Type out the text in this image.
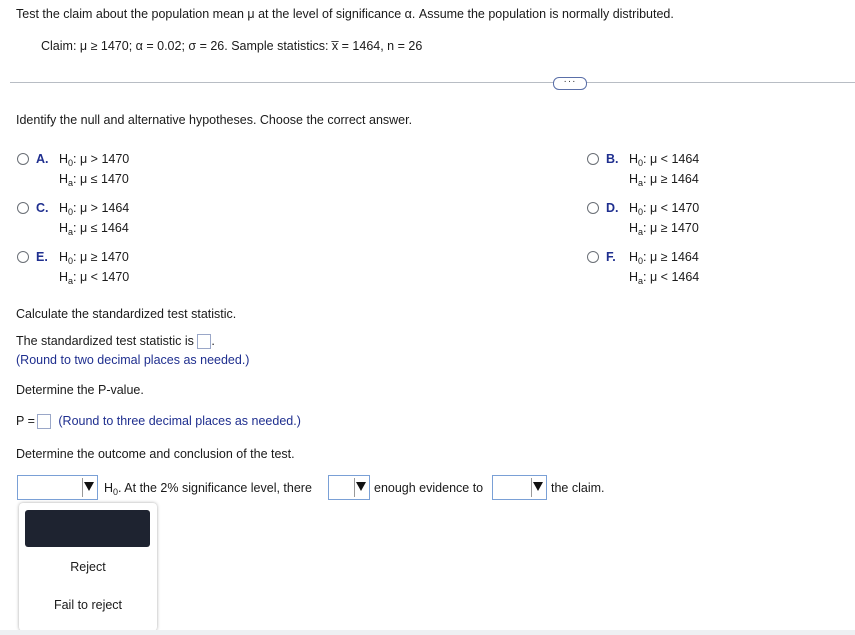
Test the claim about the population mean μ at the level of significance α. Assume the population is normally distributed.
Claim: μ ≥ 1470; α = 0.02; σ = 26. Sample statistics: x̅ = 1464, n = 26
···
Identify the null and alternative hypotheses. Choose the correct answer.
A. $H_0$: μ > 1470
$H_a$: μ ≤ 1470
B. $H_0$: μ < 1464
$H_a$: μ ≥ 1464
C. $H_0$: μ > 1464
$H_a$: μ ≤ 1464
D. $H_0$: μ < 1470
$H_a$: μ ≥ 1470
E. $H_0$: μ ≥ 1470
$H_a$: μ < 1470
F. $H_0$: μ ≥ 1464
$H_a$: μ < 1464
Calculate the standardized test statistic.
The standardized test statistic is .
(Round to two decimal places as needed.)
Determine the P-value.
P = (Round to three decimal places as needed.)
Determine the outcome and conclusion of the test.
$H_0$. At the 2% significance level, there	enough evidence to	the claim.
Reject
Fail to reject
